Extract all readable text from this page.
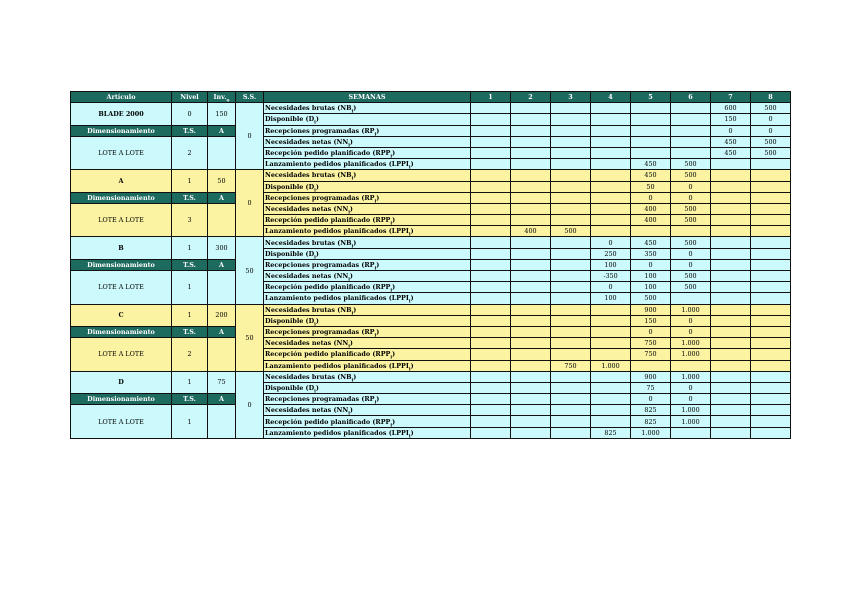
Artículo	Nivel	$Inv._o$	S.S.	SEMANAS	1	2	3	4	5	6	7	8
BLADE 2000	0	150	0	Necesidades brutas $(NB_i)$							600	500
				Disponible $(D_i)$							150	0
Dimensionamiento	T.S.	A		Recepciones programadas $(RP_i)$							0	0
LOTE A LOTE	2			Necesidades netas $(NN_i)$							450	500
				Recepción pedido planificado $(RPP_i)$							450	500
				Lanzamiento pedidos planificados $(LPPI_i)$					450	500		
A	1	50	0	Necesidades brutas $(NB_i)$					450	500		
				Disponible $(D_i)$					50	0		
Dimensionamiento	T.S.	A		Recepciones programadas $(RP_i)$					0	0		
LOTE A LOTE	3			Necesidades netas $(NN_i)$					400	500		
				Recepción pedido planificado $(RPP_i)$					400	500		
				Lanzamiento pedidos planificados $(LPPI_i)$		400	500					
B	1	300	50	Necesidades brutas $(NB_i)$				0	450	500		
				Disponible $(D_i)$				250	350	0		
Dimensionamiento	T.S.	A		Recepciones programadas $(RP_i)$				100	0	0		
LOTE A LOTE	1			Necesidades netas $(NN_i)$				-350	100	500		
				Recepción pedido planificado $(RPP_i)$				0	100	500		
				Lanzamiento pedidos planificados $(LPPI_i)$				100	500			
C	1	200	50	Necesidades brutas $(NB_i)$					900	1.000		
				Disponible $(D_i)$					150	0		
Dimensionamiento	T.S.	A		Recepciones programadas $(RP_i)$					0	0		
LOTE A LOTE	2			Necesidades netas $(NN_i)$					750	1.000		
				Recepción pedido planificado $(RPP_i)$					750	1.000		
				Lanzamiento pedidos planificados $(LPPI_i)$			750	1.000				
D	1	75	0	Necesidades brutas $(NB_i)$					900	1.000		
				Disponible $(D_i)$					75	0		
Dimensionamiento	T.S.	A		Recepciones programadas $(RP_i)$					0	0		
LOTE A LOTE	1			Necesidades netas $(NN_i)$					825	1.000		
				Recepción pedido planificado $(RPP_i)$					825	1.000		
				Lanzamiento pedidos planificados $(LPPI_i)$				825	1.000			
